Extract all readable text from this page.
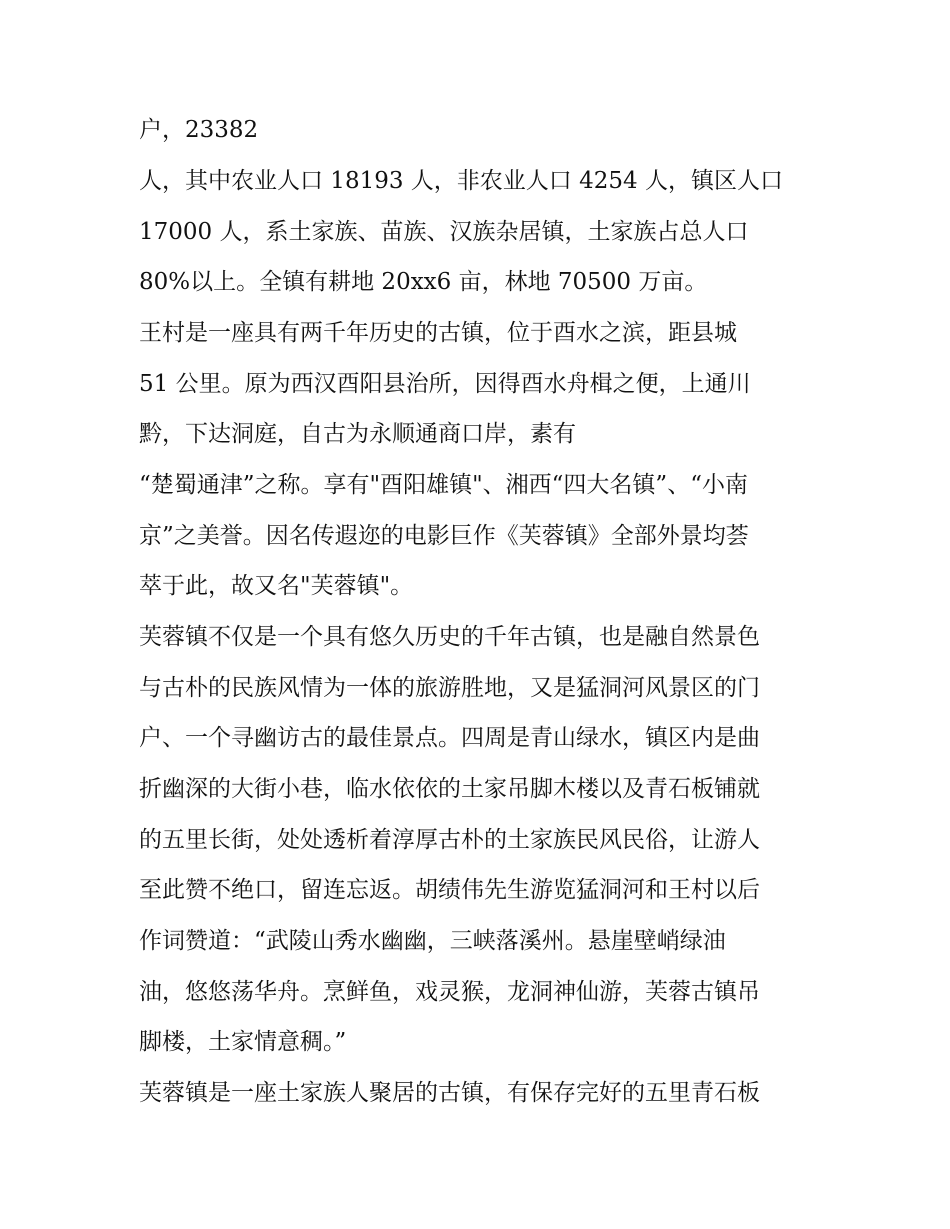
户，23382

人，其中农业人口 18193 人，非农业人口 4254 人，镇区人口

17000 人，系土家族、苗族、汉族杂居镇，土家族占总人口

80%以上。全镇有耕地 20xx6 亩，林地 70500 万亩。

王村是一座具有两千年历史的古镇，位于酉水之滨，距县城

51 公里。原为西汉酉阳县治所，因得酉水舟楫之便，上通川

黔，下达洞庭，自古为永顺通商口岸，素有

“楚蜀通津”之称。享有"酉阳雄镇"、湘西“四大名镇”、“小南

京”之美誉。因名传遐迩的电影巨作《芙蓉镇》全部外景均荟

萃于此，故又名"芙蓉镇"。

芙蓉镇不仅是一个具有悠久历史的千年古镇，也是融自然景色

与古朴的民族风情为一体的旅游胜地，又是猛洞河风景区的门

户、一个寻幽访古的最佳景点。四周是青山绿水，镇区内是曲

折幽深的大街小巷，临水依依的土家吊脚木楼以及青石板铺就

的五里长街，处处透析着淳厚古朴的土家族民风民俗，让游人

至此赞不绝口，留连忘返。胡绩伟先生游览猛洞河和王村以后

作词赞道：“武陵山秀水幽幽，三峡落溪州。悬崖壁峭绿油

油，悠悠荡华舟。烹鲜鱼，戏灵猴，龙洞神仙游，芙蓉古镇吊

脚楼，土家情意稠。”

芙蓉镇是一座土家族人聚居的古镇，有保存完好的五里青石板
